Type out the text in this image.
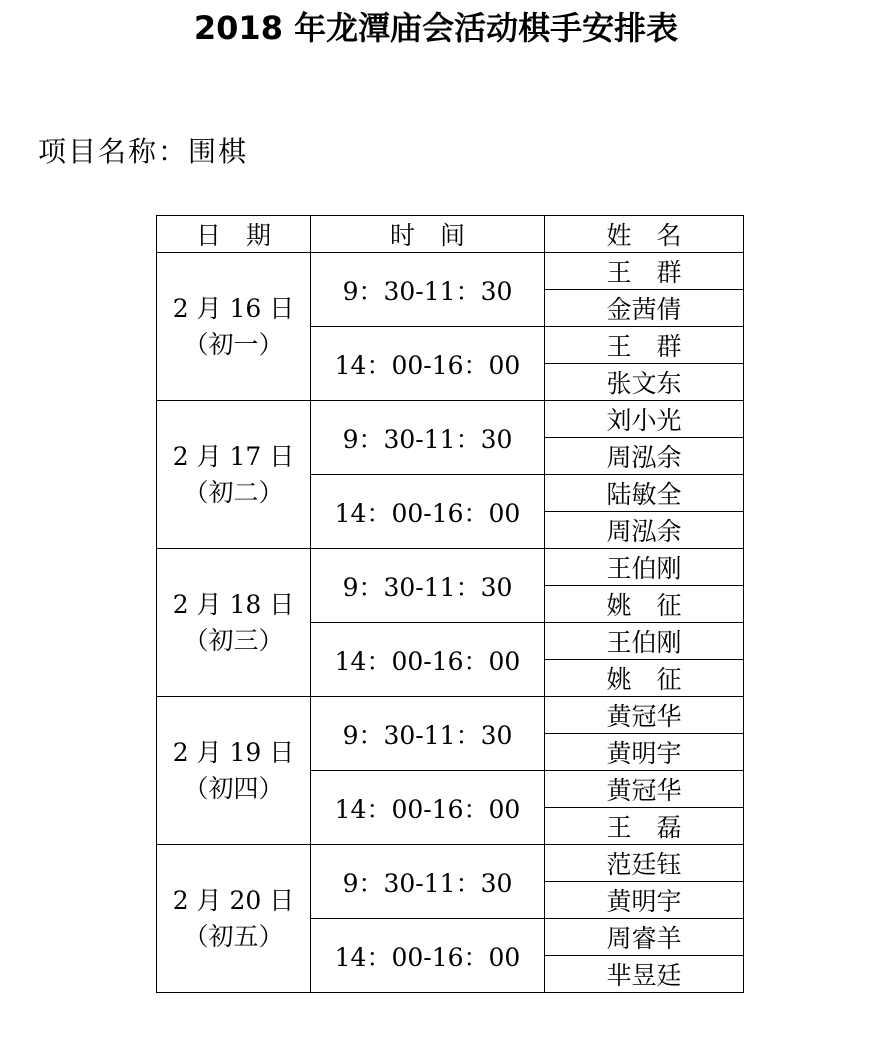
2018 年龙潭庙会活动棋手安排表
项目名称：围棋
日　期	时　间	姓　名

2 月 16 日
（初一）	9：30-11：30	王　群
		金茜倩
	14：00-16：00	王　群
		张文东

2 月 17 日
（初二）	9：30-11：30	刘小光
		周泓余
	14：00-16：00	陆敏全
		周泓余

2 月 18 日
（初三）	9：30-11：30	王伯刚
		姚　征
	14：00-16：00	王伯刚
		姚　征

2 月 19 日
（初四）	9：30-11：30	黄冠华
		黄明宇
	14：00-16：00	黄冠华
		王　磊

2 月 20 日
（初五）	9：30-11：30	范廷钰
		黄明宇
	14：00-16：00	周睿羊
		芈昱廷
